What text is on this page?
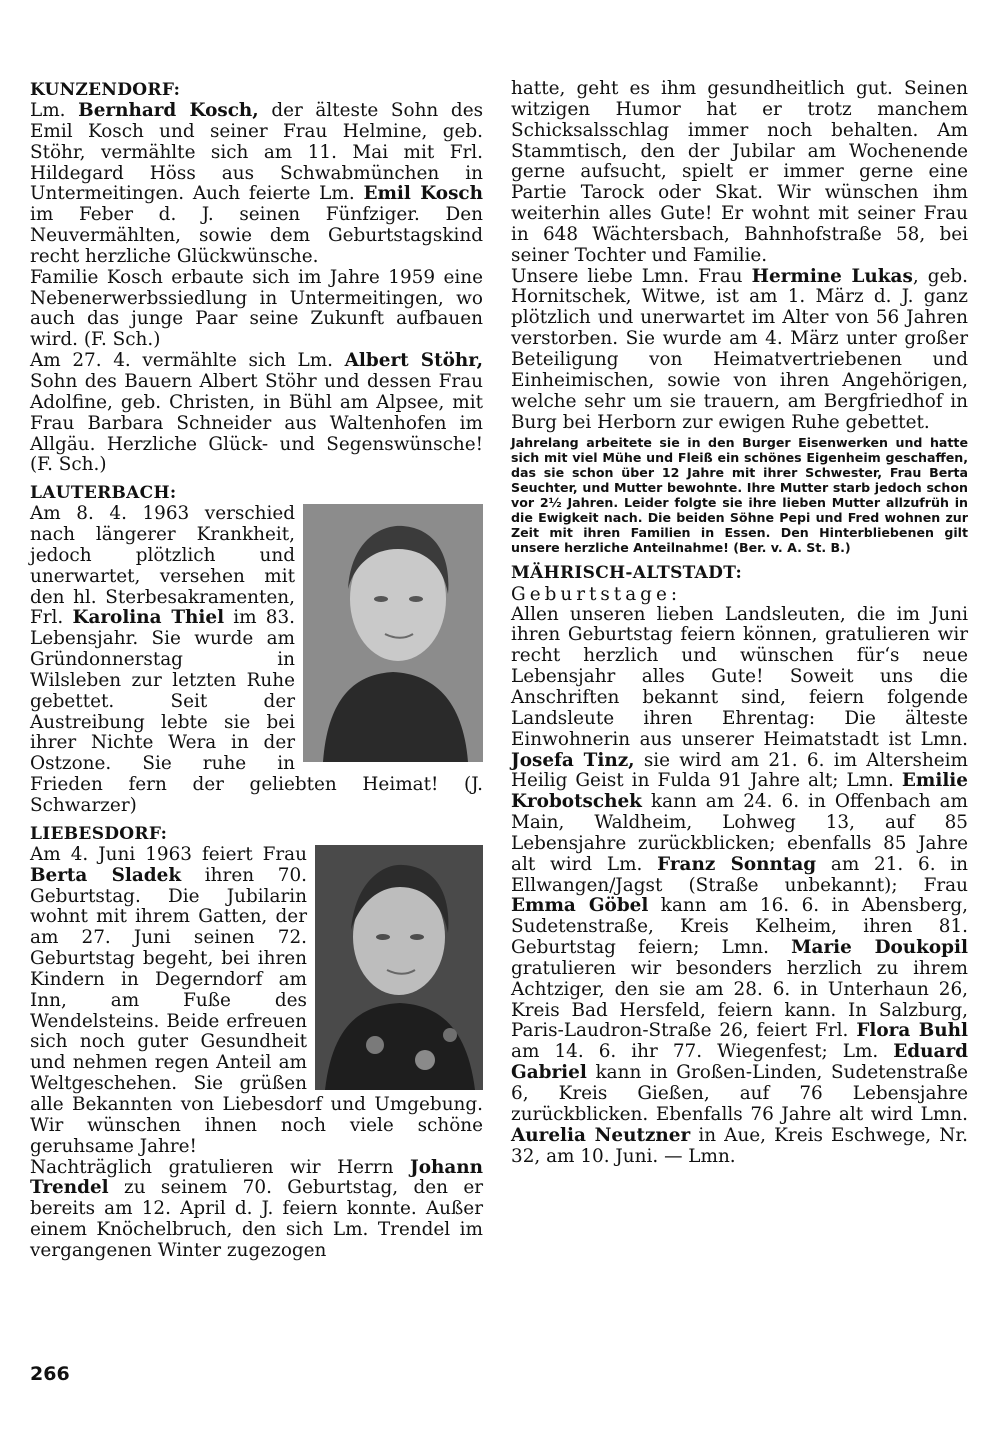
KUNZENDORF:

Lm. Bernhard Kosch, der älteste Sohn des Emil Kosch und seiner Frau Helmine, geb. Stöhr, vermählte sich am 11. Mai mit Frl. Hildegard Höss aus Schwabmünchen in Untermeitingen. Auch feierte Lm. Emil Kosch im Feber d. J. seinen Fünfziger. Den Neuvermählten, sowie dem Geburtstagskind recht herzliche Glückwünsche.

Familie Kosch erbaute sich im Jahre 1959 eine Nebenerwerbssiedlung in Untermeitingen, wo auch das junge Paar seine Zukunft aufbauen wird. (F. Sch.)

Am 27. 4. vermählte sich Lm. Albert Stöhr, Sohn des Bauern Albert Stöhr und dessen Frau Adolfine, geb. Christen, in Bühl am Alpsee, mit Frau Barbara Schneider aus Waltenhofen im Allgäu. Herzliche Glück- und Segenswünsche! (F. Sch.)

LAUTERBACH:

Am 8. 4. 1963 verschied nach längerer Krankheit, jedoch plötzlich und unerwartet, versehen mit den hl. Sterbesakramenten, Frl. Karolina Thiel im 83. Lebensjahr. Sie wurde am Gründonnerstag in Wilsleben zur letzten Ruhe gebettet. Seit der Austreibung lebte sie bei ihrer Nichte Wera in der Ostzone. Sie ruhe in Frieden fern der geliebten Heimat! (J. Schwarzer)

LIEBESDORF:

Am 4. Juni 1963 feiert Frau Berta Sladek ihren 70. Geburtstag. Die Jubilarin wohnt mit ihrem Gatten, der am 27. Juni seinen 72. Geburtstag begeht, bei ihren Kindern in Degerndorf am Inn, am Fuße des Wendelsteins. Beide erfreuen sich noch guter Gesundheit und nehmen regen Anteil am Weltgeschehen. Sie grüßen alle Bekannten von Liebesdorf und Umgebung. Wir wünschen ihnen noch viele schöne geruhsame Jahre!

Nachträglich gratulieren wir Herrn Johann Trendel zu seinem 70. Geburtstag, den er bereits am 12. April d. J. feiern konnte. Außer einem Knöchelbruch, den sich Lm. Trendel im vergangenen Winter zugezogen

hatte, geht es ihm gesundheitlich gut. Seinen witzigen Humor hat er trotz manchem Schicksalsschlag immer noch behalten. Am Stammtisch, den der Jubilar am Wochenende gerne aufsucht, spielt er immer gerne eine Partie Tarock oder Skat. Wir wünschen ihm weiterhin alles Gute! Er wohnt mit seiner Frau in 648 Wächtersbach, Bahnhofstraße 58, bei seiner Tochter und Familie.

Unsere liebe Lmn. Frau Hermine Lukas, geb. Hornitschek, Witwe, ist am 1. März d. J. ganz plötzlich und unerwartet im Alter von 56 Jahren verstorben. Sie wurde am 4. März unter großer Beteiligung von Heimatvertriebenen und Einheimischen, sowie von ihren Angehörigen, welche sehr um sie trauern, am Bergfriedhof in Burg bei Herborn zur ewigen Ruhe gebettet.

Jahrelang arbeitete sie in den Burger Eisenwerken und hatte sich mit viel Mühe und Fleiß ein schönes Eigenheim geschaffen, das sie schon über 12 Jahre mit ihrer Schwester, Frau Berta Seuchter, und Mutter bewohnte. Ihre Mutter starb jedoch schon vor 2½ Jahren. Leider folgte sie ihre lieben Mutter allzufrüh in die Ewigkeit nach. Die beiden Söhne Pepi und Fred wohnen zur Zeit mit ihren Familien in Essen. Den Hinterbliebenen gilt unsere herzliche Anteilnahme! (Ber. v. A. St. B.)

MÄHRISCH-ALTSTADT:
Geburtstage:

Allen unseren lieben Landsleuten, die im Juni ihren Geburtstag feiern können, gratulieren wir recht herzlich und wünschen für‘s neue Lebensjahr alles Gute! Soweit uns die Anschriften bekannt sind, feiern folgende Landsleute ihren Ehrentag: Die älteste Einwohnerin aus unserer Heimatstadt ist Lmn. Josefa Tinz, sie wird am 21. 6. im Altersheim Heilig Geist in Fulda 91 Jahre alt; Lmn. Emilie Krobotschek kann am 24. 6. in Offenbach am Main, Waldheim, Lohweg 13, auf 85 Lebensjahre zurückblicken; ebenfalls 85 Jahre alt wird Lm. Franz Sonntag am 21. 6. in Ellwangen/Jagst (Straße unbekannt); Frau Emma Göbel kann am 16. 6. in Abensberg, Sudetenstraße, Kreis Kelheim, ihren 81. Geburtstag feiern; Lmn. Marie Doukopil gratulieren wir besonders herzlich zu ihrem Achtziger, den sie am 28. 6. in Unterhaun 26, Kreis Bad Hersfeld, feiern kann. In Salzburg, Paris-Laudron-Straße 26, feiert Frl. Flora Buhl am 14. 6. ihr 77. Wiegenfest; Lm. Eduard Gabriel kann in Großen-Linden, Sudetenstraße 6, Kreis Gießen, auf 76 Lebensjahre zurückblicken. Ebenfalls 76 Jahre alt wird Lmn. Aurelia Neutzner in Aue, Kreis Eschwege, Nr. 32, am 10. Juni. — Lmn.

266
